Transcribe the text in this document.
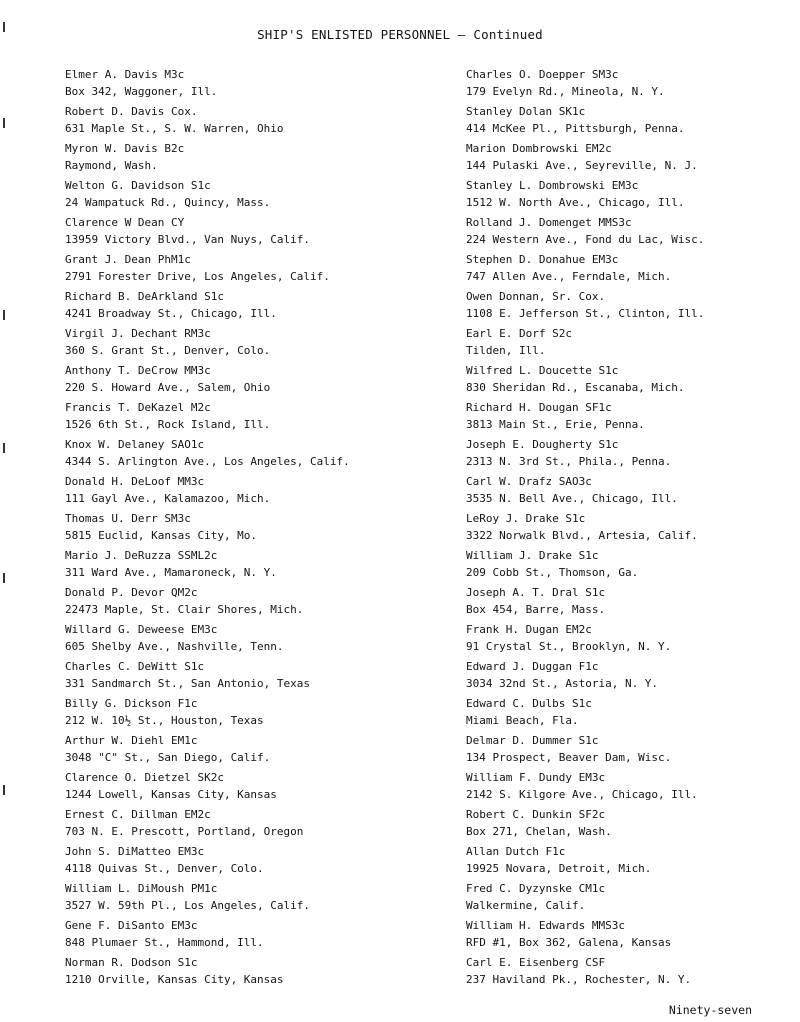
SHIP'S ENLISTED PERSONNEL — Continued
Elmer A. Davis M3c
Box 342, Waggoner, Ill.
Robert D. Davis Cox.
631 Maple St., S. W. Warren, Ohio
Myron W. Davis B2c
Raymond, Wash.
Welton G. Davidson S1c
24 Wampatuck Rd., Quincy, Mass.
Clarence W Dean CY
13959 Victory Blvd., Van Nuys, Calif.
Grant J. Dean PhM1c
2791 Forester Drive, Los Angeles, Calif.
Richard B. DeArkland S1c
4241 Broadway St., Chicago, Ill.
Virgil J. Dechant RM3c
360 S. Grant St., Denver, Colo.
Anthony T. DeCrow MM3c
220 S. Howard Ave., Salem, Ohio
Francis T. DeKazel M2c
1526 6th St., Rock Island, Ill.
Knox W. Delaney SAO1c
4344 S. Arlington Ave., Los Angeles, Calif.
Donald H. DeLoof MM3c
111 Gayl Ave., Kalamazoo, Mich.
Thomas U. Derr SM3c
5815 Euclid, Kansas City, Mo.
Mario J. DeRuzza SSML2c
311 Ward Ave., Mamaroneck, N. Y.
Donald P. Devor QM2c
22473 Maple, St. Clair Shores, Mich.
Willard G. Deweese EM3c
605 Shelby Ave., Nashville, Tenn.
Charles C. DeWitt S1c
331 Sandmarch St., San Antonio, Texas
Billy G. Dickson F1c
212 W. 10½ St., Houston, Texas
Arthur W. Diehl EM1c
3048 "C" St., San Diego, Calif.
Clarence O. Dietzel SK2c
1244 Lowell, Kansas City, Kansas
Ernest C. Dillman EM2c
703 N. E. Prescott, Portland, Oregon
John S. DiMatteo EM3c
4118 Quivas St., Denver, Colo.
William L. DiMoush PM1c
3527 W. 59th Pl., Los Angeles, Calif.
Gene F. DiSanto EM3c
848 Plumaer St., Hammond, Ill.
Norman R. Dodson S1c
1210 Orville, Kansas City, Kansas
Charles O. Doepper SM3c
179 Evelyn Rd., Mineola, N. Y.
Stanley Dolan SK1c
414 McKee Pl., Pittsburgh, Penna.
Marion Dombrowski EM2c
144 Pulaski Ave., Seyreville, N. J.
Stanley L. Dombrowski EM3c
1512 W. North Ave., Chicago, Ill.
Rolland J. Domenget MMS3c
224 Western Ave., Fond du Lac, Wisc.
Stephen D. Donahue EM3c
747 Allen Ave., Ferndale, Mich.
Owen Donnan, Sr. Cox.
1108 E. Jefferson St., Clinton, Ill.
Earl E. Dorf S2c
Tilden, Ill.
Wilfred L. Doucette S1c
830 Sheridan Rd., Escanaba, Mich.
Richard H. Dougan SF1c
3813 Main St., Erie, Penna.
Joseph E. Dougherty S1c
2313 N. 3rd St., Phila., Penna.
Carl W. Drafz SAO3c
3535 N. Bell Ave., Chicago, Ill.
LeRoy J. Drake S1c
3322 Norwalk Blvd., Artesia, Calif.
William J. Drake S1c
209 Cobb St., Thomson, Ga.
Joseph A. T. Dral S1c
Box 454, Barre, Mass.
Frank H. Dugan EM2c
91 Crystal St., Brooklyn, N. Y.
Edward J. Duggan F1c
3034 32nd St., Astoria, N. Y.
Edward C. Dulbs S1c
Miami Beach, Fla.
Delmar D. Dummer S1c
134 Prospect, Beaver Dam, Wisc.
William F. Dundy EM3c
2142 S. Kilgore Ave., Chicago, Ill.
Robert C. Dunkin SF2c
Box 271, Chelan, Wash.
Allan Dutch F1c
19925 Novara, Detroit, Mich.
Fred C. Dyzynske CM1c
Walkermine, Calif.
William H. Edwards MMS3c
RFD #1, Box 362, Galena, Kansas
Carl E. Eisenberg CSF
237 Haviland Pk., Rochester, N. Y.
Ninety-seven
